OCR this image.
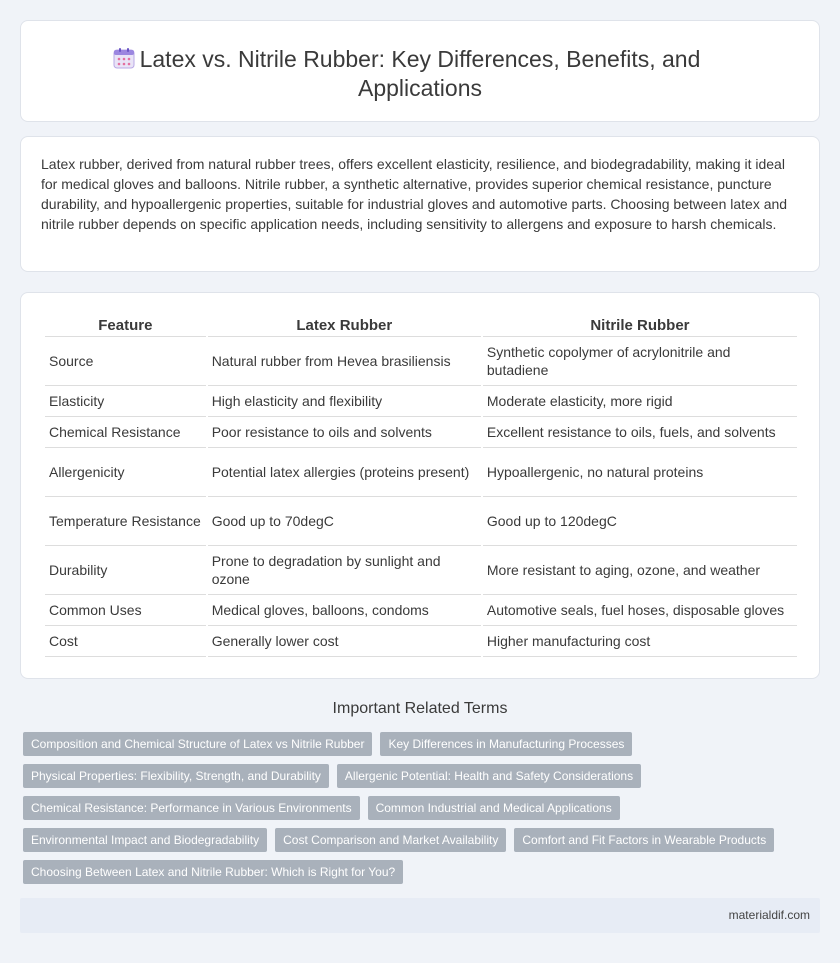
Latex vs. Nitrile Rubber: Key Differences, Benefits, and Applications

Latex rubber, derived from natural rubber trees, offers excellent elasticity, resilience, and biodegradability, making it ideal for medical gloves and balloons. Nitrile rubber, a synthetic alternative, provides superior chemical resistance, puncture durability, and hypoallergenic properties, suitable for industrial gloves and automotive parts. Choosing between latex and nitrile rubber depends on specific application needs, including sensitivity to allergens and exposure to harsh chemicals.

Feature	Latex Rubber	Nitrile Rubber
Source	Natural rubber from Hevea brasiliensis	Synthetic copolymer of acrylonitrile and butadiene
Elasticity	High elasticity and flexibility	Moderate elasticity, more rigid
Chemical Resistance	Poor resistance to oils and solvents	Excellent resistance to oils, fuels, and solvents
Allergenicity	Potential latex allergies (proteins present)	Hypoallergenic, no natural proteins
Temperature Resistance	Good up to 70degC	Good up to 120degC
Durability	Prone to degradation by sunlight and ozone	More resistant to aging, ozone, and weather
Common Uses	Medical gloves, balloons, condoms	Automotive seals, fuel hoses, disposable gloves
Cost	Generally lower cost	Higher manufacturing cost
Important Related Terms
Composition and Chemical Structure of Latex vs Nitrile Rubber	Key Differences in Manufacturing Processes
Physical Properties: Flexibility, Strength, and Durability	Allergenic Potential: Health and Safety Considerations
Chemical Resistance: Performance in Various Environments	Common Industrial and Medical Applications
Environmental Impact and Biodegradability	Cost Comparison and Market Availability	Comfort and Fit Factors in Wearable Products
Choosing Between Latex and Nitrile Rubber: Which is Right for You?
materialdif.com
